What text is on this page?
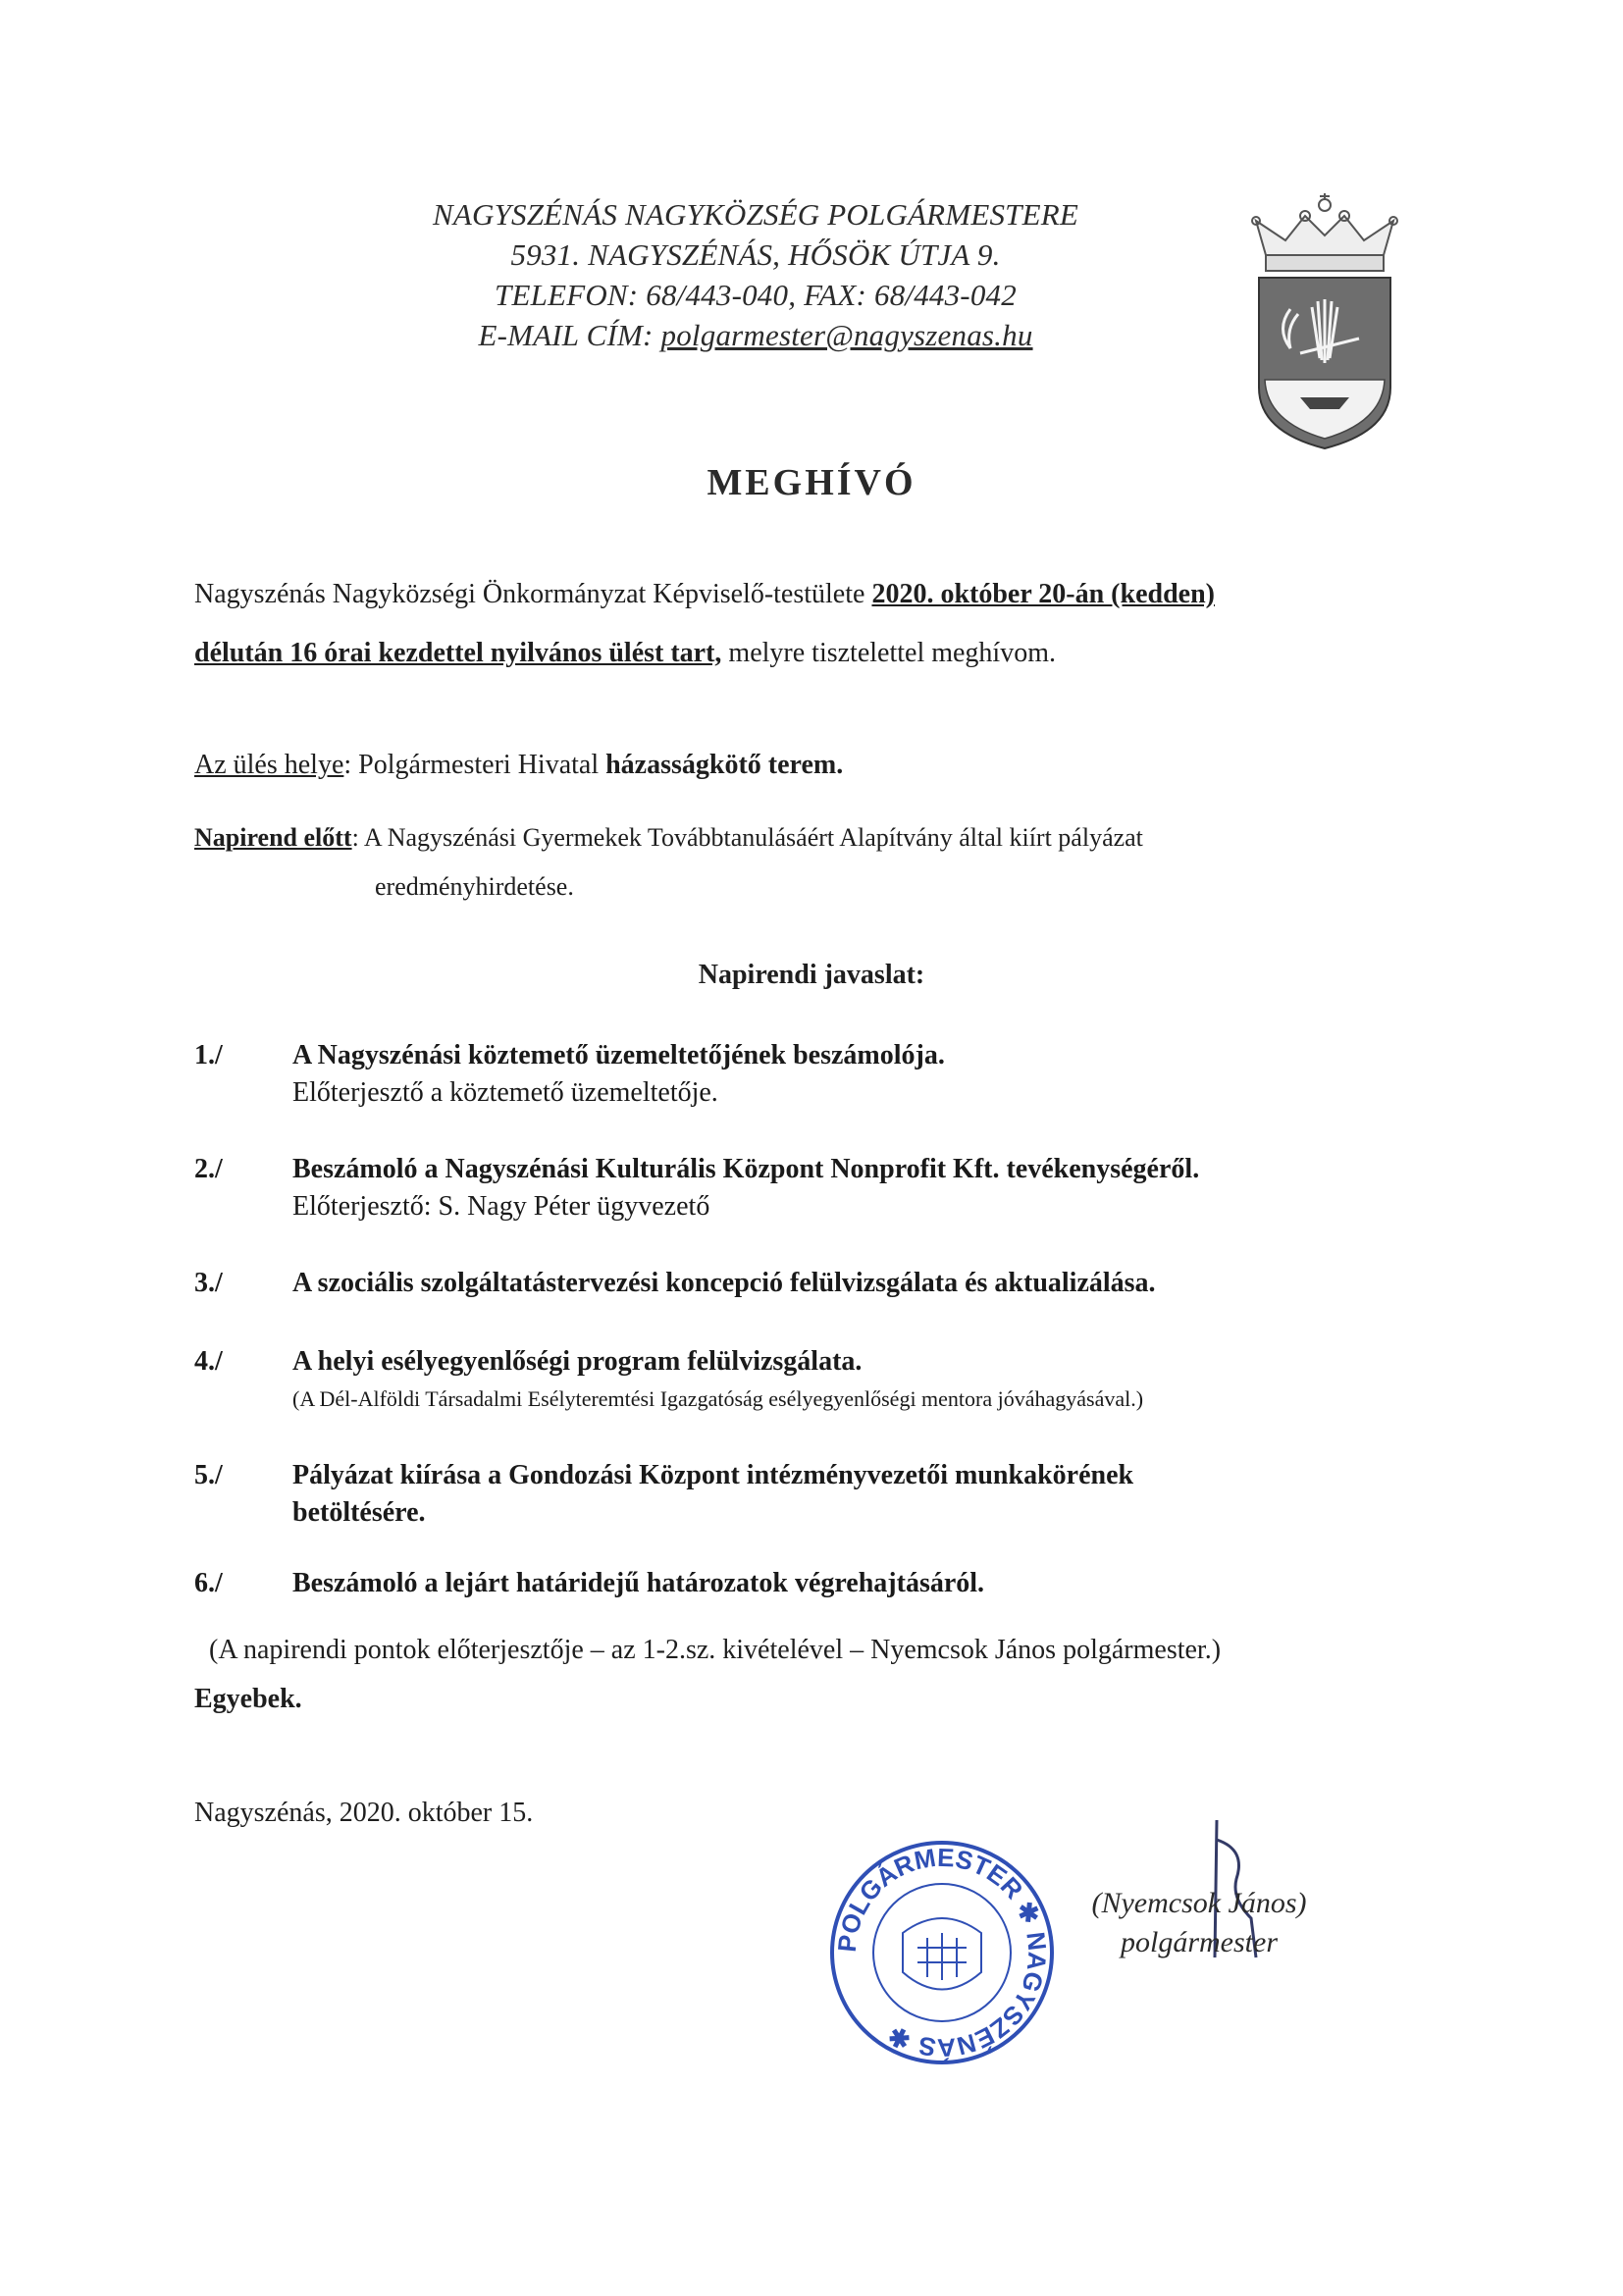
NAGYSZÉNÁS NAGYKÖZSÉG POLGÁRMESTERE
5931. NAGYSZÉNÁS, HŐSÖK ÚTJA 9.
TELEFON: 68/443-040, FAX: 68/443-042
E-MAIL CÍM: polgarmester@nagyszenas.hu
MEGHÍVÓ
Nagyszénás Nagyközségi Önkormányzat Képviselő-testülete 2020. október 20-án (kedden)
délután 16 órai kezdettel nyilvános ülést tart, melyre tisztelettel meghívom.
Az ülés helye: Polgármesteri Hivatal házasságkötő terem.
Napirend előtt: A Nagyszénási Gyermekek Továbbtanulásáért Alapítvány által kiírt pályázat
eredményhirdetése.
Napirendi javaslat:
1./	A Nagyszénási köztemető üzemeltetőjének beszámolója.
Előterjesztő a köztemető üzemeltetője.
2./	Beszámoló a Nagyszénási Kulturális Központ Nonprofit Kft. tevékenységéről.
Előterjesztő: S. Nagy Péter ügyvezető
3./	A szociális szolgáltatástervezési koncepció felülvizsgálata és aktualizálása.
4./	A helyi esélyegyenlőségi program felülvizsgálata.
(A Dél-Alföldi Társadalmi Esélyteremtési Igazgatóság esélyegyenlőségi mentora jóváhagyásával.)
5./	Pályázat kiírása a Gondozási Központ intézményvezetői munkakörének
betöltésére.
6./	Beszámoló a lejárt határidejű határozatok végrehajtásáról.
(A napirendi pontok előterjesztője – az 1-2.sz. kivételével – Nyemcsok János polgármester.)
Egyebek.
Nagyszénás, 2020. október 15.
POLGÁRMESTER ✱ NAGYSZÉNÁS ✱
(Nyemcsok János)
polgármester
